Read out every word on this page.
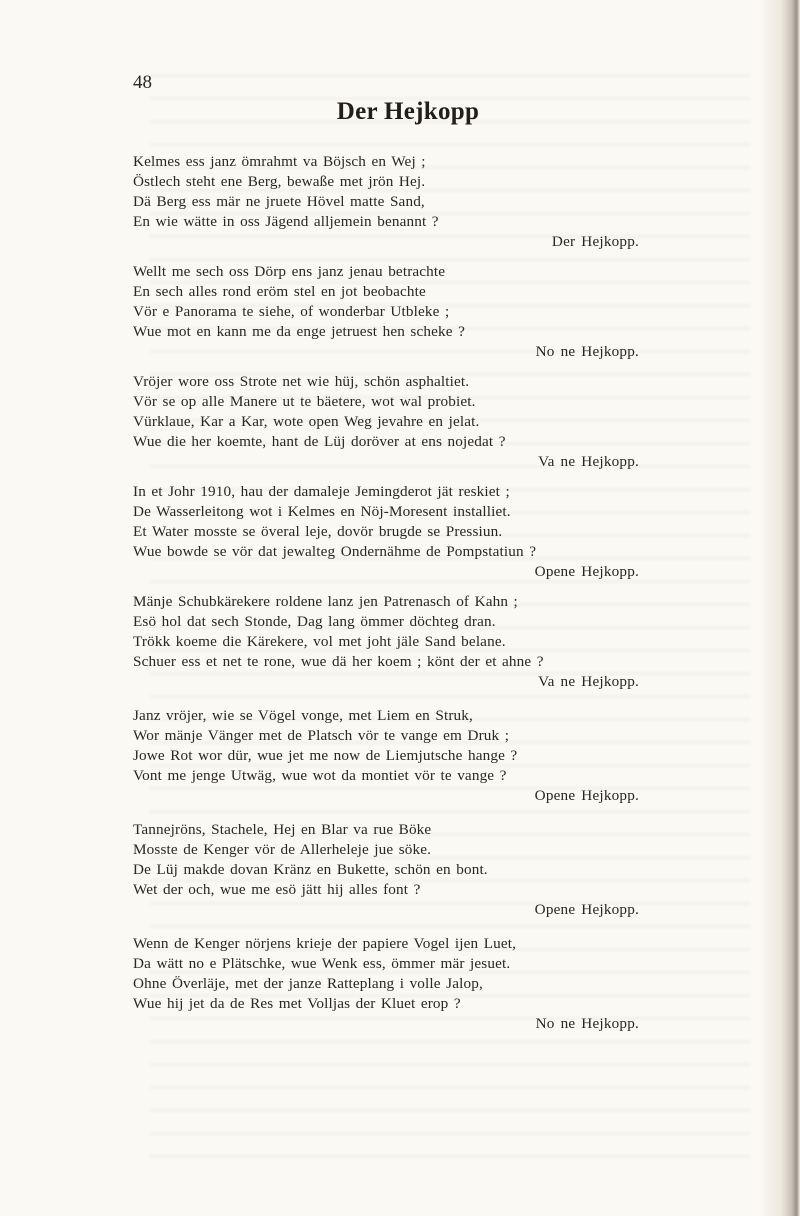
48
Der Hejkopp
Kelmes ess janz ömrahmt va Böjsch en Wej ;
Östlech steht ene Berg, bewaße met jrön Hej.
Dä Berg ess mär ne jruete Hövel matte Sand,
En wie wätte in oss Jägend alljemein benannt ?
Der Hejkopp.
Wellt me sech oss Dörp ens janz jenau betrachte
En sech alles rond eröm stel en jot beobachte
Vör e Panorama te siehe, of wonderbar Utbleke ;
Wue mot en kann me da enge jetruest hen scheke ?
No ne Hejkopp.
Vröjer wore oss Strote net wie hüj, schön asphaltiet.
Vör se op alle Manere ut te bäetere, wot wal probiet.
Vürklaue, Kar a Kar, wote open Weg jevahre en jelat.
Wue die her koemte, hant de Lüj doröver at ens nojedat ?
Va ne Hejkopp.
In et Johr 1910, hau der damaleje Jemingderot jät reskiet ;
De Wasserleitong wot i Kelmes en Nöj-Moresent installiet.
Et Water mosste se överal leje, dovör brugde se Pressiun.
Wue bowde se vör dat jewalteg Ondernähme de Pompstatiun ?
Opene Hejkopp.
Mänje Schubkärekere roldene lanz jen Patrenasch of Kahn ;
Esö hol dat sech Stonde, Dag lang ömmer döchteg dran.
Trökk koeme die Kärekere, vol met joht jäle Sand belane.
Schuer ess et net te rone, wue dä her koem ; könt der et ahne ?
Va ne Hejkopp.
Janz vröjer, wie se Vögel vonge, met Liem en Struk,
Wor mänje Vänger met de Platsch vör te vange em Druk ;
Jowe Rot wor dür, wue jet me now de Liemjutsche hange ?
Vont me jenge Utwäg, wue wot da montiet vör te vange ?
Opene Hejkopp.
Tannejröns, Stachele, Hej en Blar va rue Böke
Mosste de Kenger vör de Allerheleje jue söke.
De Lüj makde dovan Kränz en Bukette, schön en bont.
Wet der och, wue me esö jätt hij alles font ?
Opene Hejkopp.
Wenn de Kenger nörjens krieje der papiere Vogel ijen Luet,
Da wätt no e Plätschke, wue Wenk ess, ömmer mär jesuet.
Ohne Överläje, met der janze Ratteplang i volle Jalop,
Wue hij jet da de Res met Volljas der Kluet erop ?
No ne Hejkopp.
